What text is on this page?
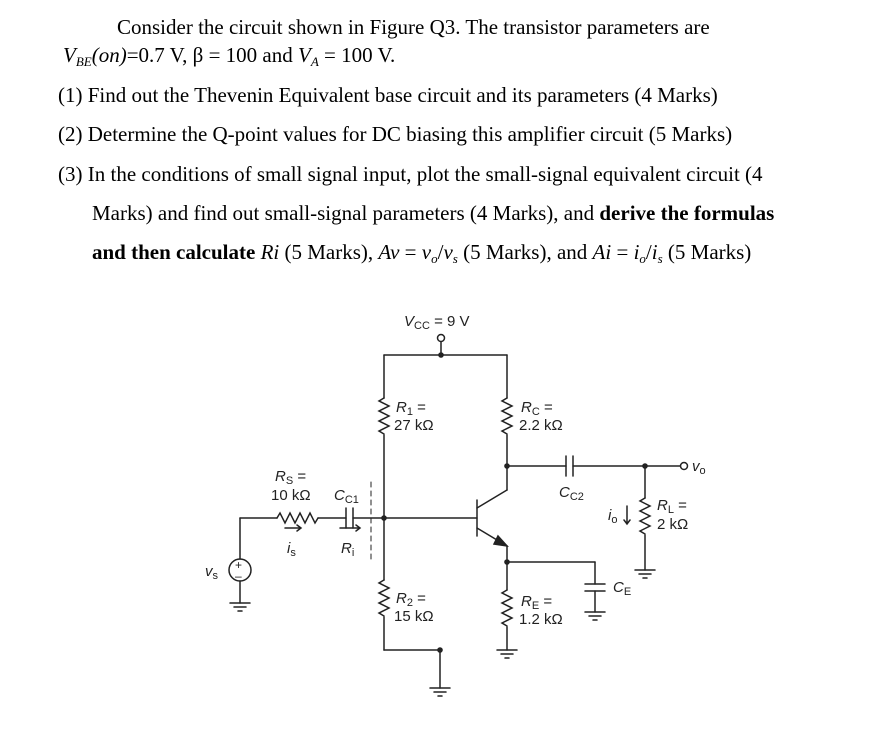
Consider the circuit shown in Figure Q3. The transistor parameters are
$V_{BE}(on)=0.7$ V, β = 100 and $V_A = 100$ V.
(1) Find out the Thevenin Equivalent base circuit and its parameters (4 Marks)
(2) Determine the Q-point values for DC biasing this amplifier circuit (5 Marks)
(3) In the conditions of small signal input, plot the small-signal equivalent circuit (4
Marks) and find out small-signal parameters (4 Marks), and derive the formulas
and then calculate Ri (5 Marks), $Av = v_o/v_s$ (5 Marks), and $Ai = i_o/i_s$ (5 Marks)
$V_{CC} = 9$ V
$R_1$ =
27 kΩ
$R_C$ =
2.2 kΩ
$R_S$ =
10 kΩ $C_{C1}$	$C_{C2}$
$v_o$
$R_L$ =
2 kΩ
$i_o$
$i_s$	$R_i$
$v_s$
+
–
$R_2$ =
15 kΩ
$R_E$ =
1.2 kΩ
$C_E$
